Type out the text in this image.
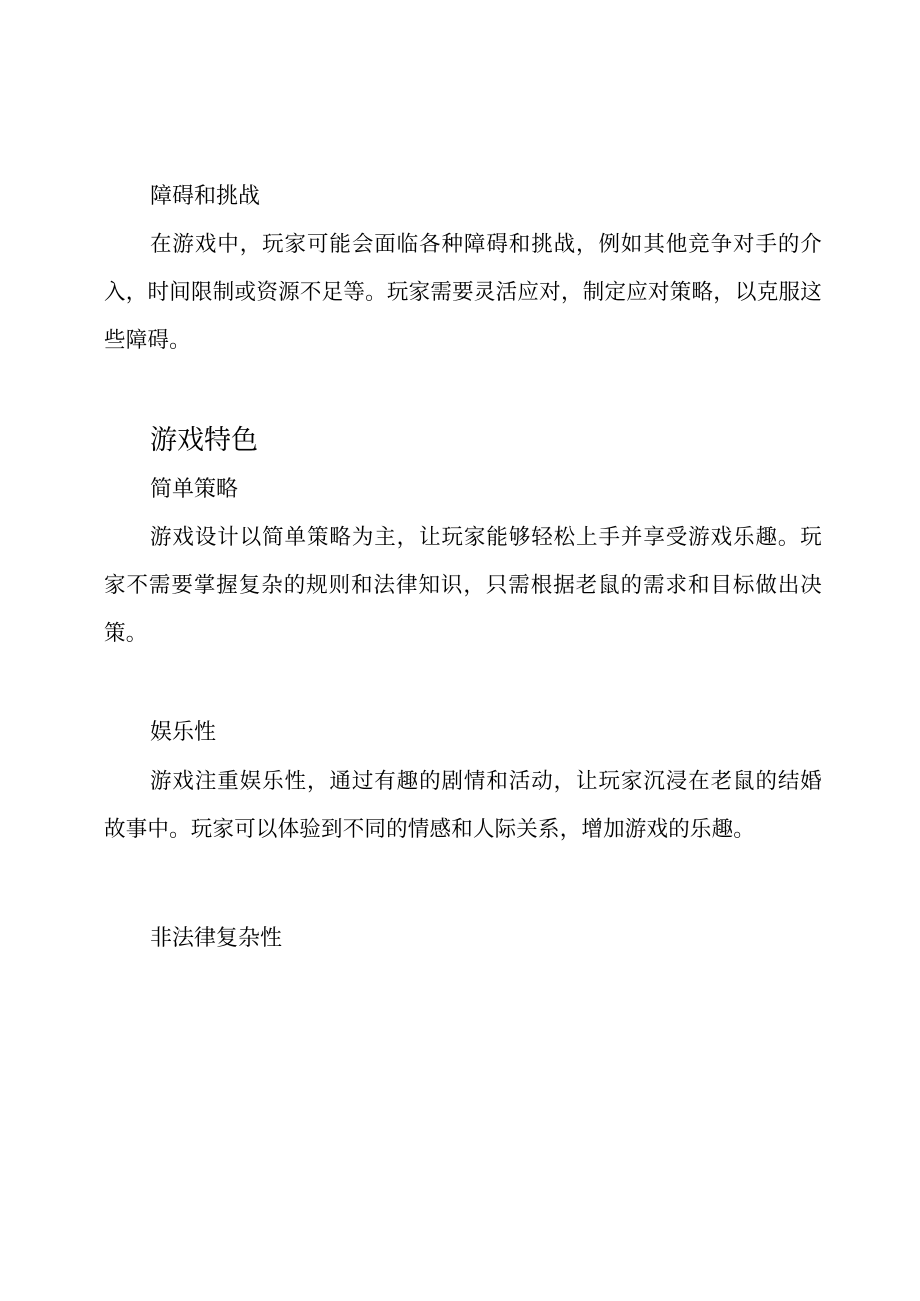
障碍和挑战

在游戏中，玩家可能会面临各种障碍和挑战，例如其他竞争对手的介入，时间限制或资源不足等。玩家需要灵活应对，制定应对策略，以克服这些障碍。

游戏特色
简单策略

游戏设计以简单策略为主，让玩家能够轻松上手并享受游戏乐趣。玩家不需要掌握复杂的规则和法律知识，只需根据老鼠的需求和目标做出决策。

娱乐性

游戏注重娱乐性，通过有趣的剧情和活动，让玩家沉浸在老鼠的结婚故事中。玩家可以体验到不同的情感和人际关系，增加游戏的乐趣。

非法律复杂性
